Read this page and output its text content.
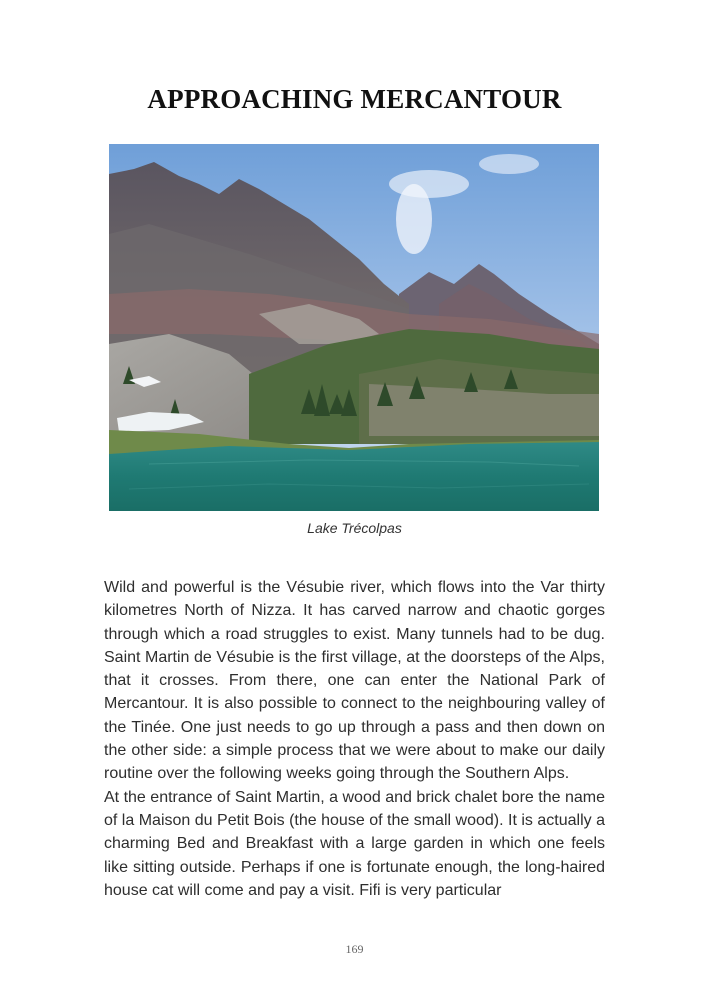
APPROACHING MERCANTOUR
Lake Trécolpas

Wild and powerful is the Vésubie river, which flows into the Var thirty kilometres North of Nizza. It has carved narrow and chaotic gorges through which a road struggles to exist. Many tunnels had to be dug. Saint Martin de Vésubie is the first village, at the doorsteps of the Alps, that it crosses. From there, one can enter the National Park of Mercantour. It is also possible to connect to the neighbouring valley of the Tinée. One just needs to go up through a pass and then down on the other side: a simple process that we were about to make our daily routine over the following weeks going through the Southern Alps.

At the entrance of Saint Martin, a wood and brick chalet bore the name of la Maison du Petit Bois (the house of the small wood). It is actually a charming Bed and Breakfast with a large garden in which one feels like sitting outside. Perhaps if one is fortunate enough, the long-haired house cat will come and pay a visit. Fifi is very particular

169
